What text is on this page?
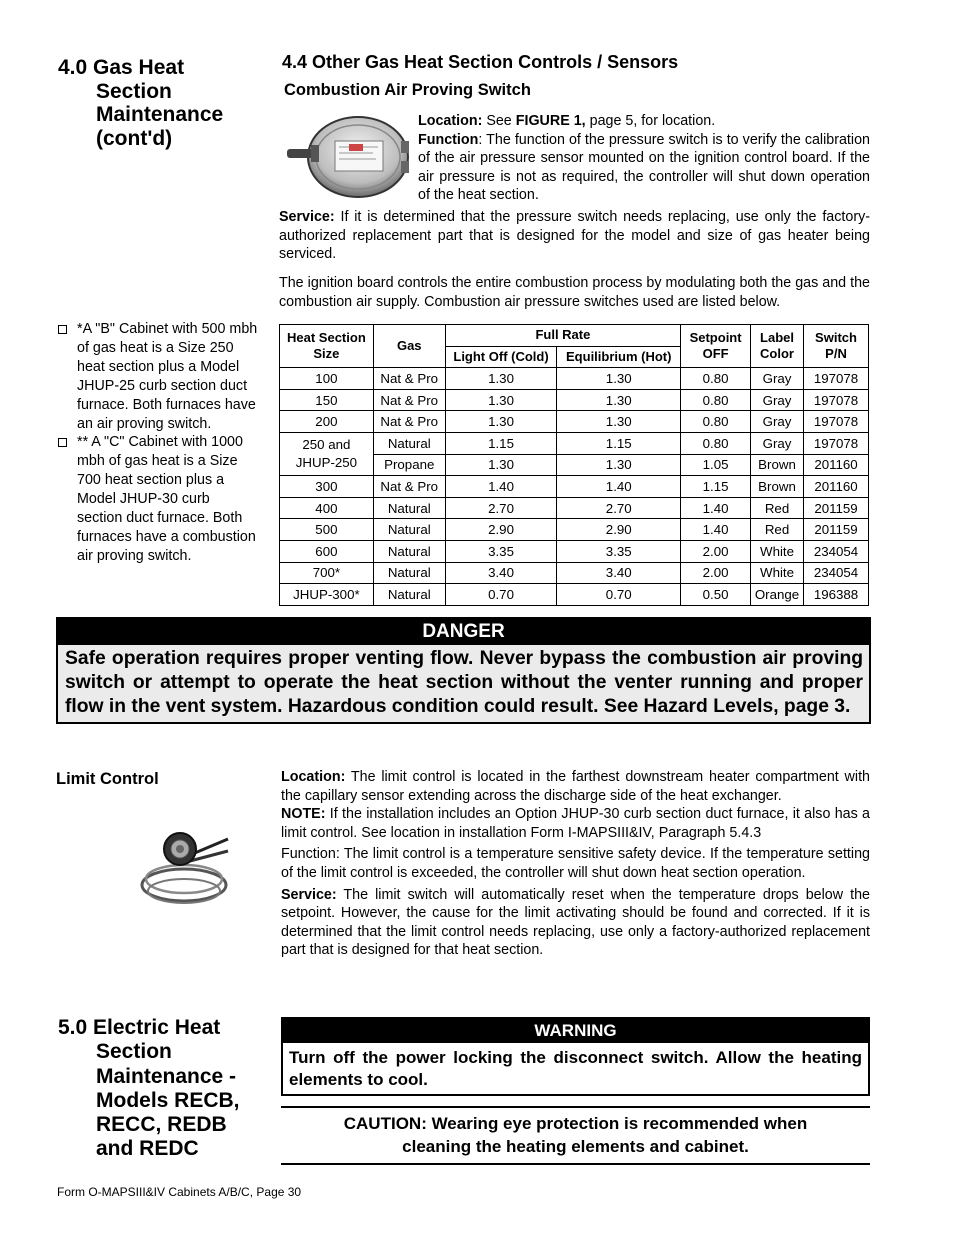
4.0 Gas Heat
Section
Maintenance
(cont'd)
4.4 Other Gas Heat Section Controls / Sensors
Combustion Air Proving Switch
Location: See FIGURE 1, page 5, for location.
Function: The function of the pressure switch is to verify the calibration of the air pressure sensor mounted on the ignition control board. If the air pressure is not as required, the controller will shut down operation of the heat section.
Service: If it is determined that the pressure switch needs replacing, use only the factory-authorized replacement part that is designed for the model and size of gas heater being serviced.
The ignition board controls the entire combustion process by modulating both the gas and the combustion air supply. Combustion air pressure switches used are listed below.
*A "B" Cabinet with 500 mbh of gas heat is a Size 250 heat section plus a Model JHUP-25 curb section duct furnace. Both furnaces have an air proving switch.
** A "C" Cabinet with 1000 mbh of gas heat is a Size 700 heat section plus a Model JHUP-30 curb section duct furnace. Both furnaces have a combustion air proving switch.
Heat Section Size	Gas	Full Rate		Setpoint OFF	Label Color	Switch P/N
		Light Off (Cold)	Equilibrium (Hot)			
100	Nat & Pro	1.30	1.30	0.80	Gray	197078
150	Nat & Pro	1.30	1.30	0.80	Gray	197078
200	Nat & Pro	1.30	1.30	0.80	Gray	197078
250 and JHUP-250	Natural	1.15	1.15	0.80	Gray	197078
	Propane	1.30	1.30	1.05	Brown	201160
300	Nat & Pro	1.40	1.40	1.15	Brown	201160
400	Natural	2.70	2.70	1.40	Red	201159
500	Natural	2.90	2.90	1.40	Red	201159
600	Natural	3.35	3.35	2.00	White	234054
700*	Natural	3.40	3.40	2.00	White	234054
JHUP-300*	Natural	0.70	0.70	0.50	Orange	196388
DANGER
Safe operation requires proper venting flow. Never bypass the combustion air proving switch or attempt to operate the heat section without the venter running and proper flow in the vent system. Hazardous condition could result. See Hazard Levels, page 3.
Limit Control	Location: The limit control is located in the farthest downstream heater compartment with the capillary sensor extending across the discharge side of the heat exchanger.
NOTE: If the installation includes an Option JHUP-30 curb section duct furnace, it also has a limit control. See location in installation Form I-MAPSIII&IV, Paragraph 5.4.3
Function: The limit control is a temperature sensitive safety device. If the temperature setting of the limit control is exceeded, the controller will shut down heat section operation.
Service: The limit switch will automatically reset when the temperature drops below the setpoint. However, the cause for the limit activating should be found and corrected. If it is determined that the limit control needs replacing, use only a factory-authorized replacement part that is designed for that heat section.
5.0 Electric Heat
Section
Maintenance -
Models RECB,
RECC, REDB
and REDC
WARNING
Turn off the power locking the disconnect switch. Allow the heating elements to cool.
CAUTION: Wearing eye protection is recommended when
cleaning the heating elements and cabinet.
Form O-MAPSIII&IV Cabinets A/B/C, Page 30
